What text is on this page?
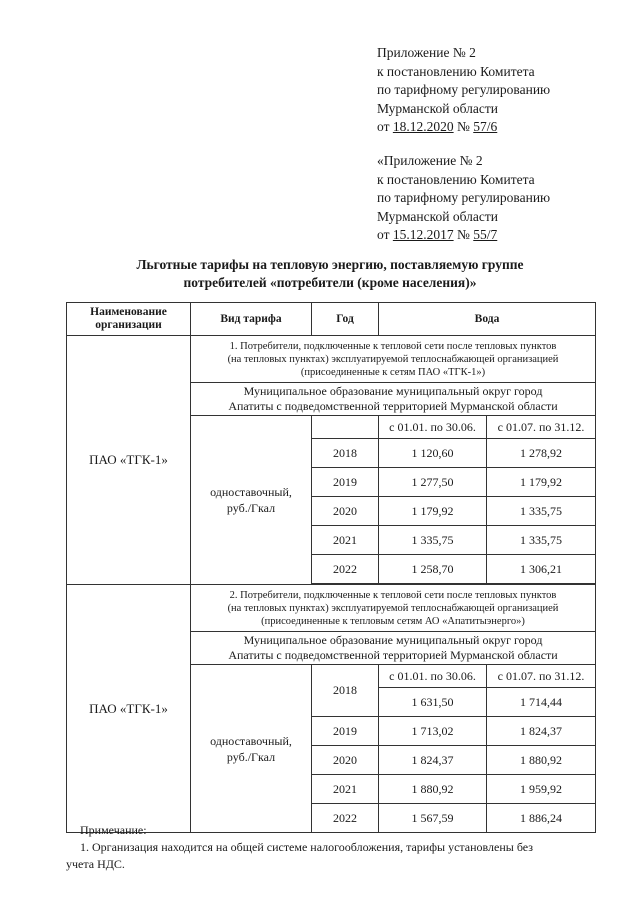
Приложение № 2
к постановлению Комитета
по тарифному регулированию
Мурманской области
от 18.12.2020 № 57/6
«Приложение № 2
к постановлению Комитета
по тарифному регулированию
Мурманской области
от 15.12.2017 № 55/7
Льготные тарифы на тепловую энергию, поставляемую группе
потребителей «потребители (кроме населения)»
Наименование
организации	Вид тарифа	Год	Вода	
ПАО «ТГК-1»	1. Потребители, подключенные к тепловой сети после тепловых пунктов
(на тепловых пунктах) эксплуатируемой теплоснабжающей организацией
(присоединенные к сетям ПАО «ТГК-1»)			

	Муниципальное образование муниципальный округ город
Апатиты с подведомственной территорией Мурманской области			

	одноставочный,
руб./Гкал		с 01.01. по 30.06.	с 01.07. по 31.12.
		2018	1 120,60	1 278,92
		2019	1 277,50	1 179,92
		2020	1 179,92	1 335,75
		2021	1 335,75	1 335,75
		2022	1 258,70	1 306,21

ПАО «ТГК-1»	2. Потребители, подключенные к тепловой сети после тепловых пунктов
(на тепловых пунктах) эксплуатируемой теплоснабжающей организацией
(присоединенные к тепловым сетям АО «Апатитыэнерго»)			

	Муниципальное образование муниципальный округ город
Апатиты с подведомственной территорией Мурманской области			

	одноставочный,
руб./Гкал	2018	с 01.01. по 30.06.	с 01.07. по 31.12.
			1 631,50	1 714,44
		2019	1 713,02	1 824,37
		2020	1 824,37	1 880,92
		2021	1 880,92	1 959,92
		2022	1 567,59	1 886,24
Примечание:
1. Организация находится на общей системе налогообложения, тарифы установлены без
учета НДС.
